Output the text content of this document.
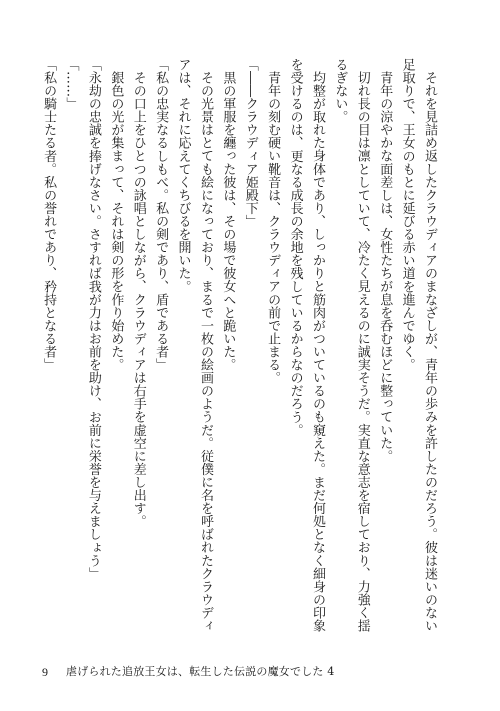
それを見詰め返したクラウディアのまなざしが、青年の歩みを許したのだろう。彼は迷いのない足取りで、王女のもとに延びる赤い道を進んでゆく。

青年の涼やかな面差しは、女性たちが息を呑むほどに整っていた。

切れ長の目は凛としていて、冷たく見えるのに誠実そうだ。実直な意志を宿しており、力強く揺るぎない。

均整が取れた身体であり、しっかりと筋肉がついているのも窺えた。まだ何処となく細身の印象を受けるのは、更なる成長の余地を残しているからなのだろう。

青年の刻む硬い靴音は、クラウディアの前で止まる。

「――クラウディア姫殿下」

黒の軍服を纏った彼は、その場で彼女へと跪いた。

その光景はとても絵になっており、まるで一枚の絵画のようだ。従僕に名を呼ばれたクラウディアは、それに応えてくちびるを開いた。

「私の忠実なるしもべ。私の剣であり、盾である者」

その口上をひとつの詠唱としながら、クラウディアは右手を虚空に差し出す。

銀色の光が集まって、それは剣の形を作り始めた。

「永劫の忠誠を捧げなさい。さすれば我が力はお前を助け、お前に栄誉を与えましょう」

「……」

「私の騎士たる者。私の誉れであり、矜持となる者」

9 虐げられた追放王女は、転生した伝説の魔女でした 4
